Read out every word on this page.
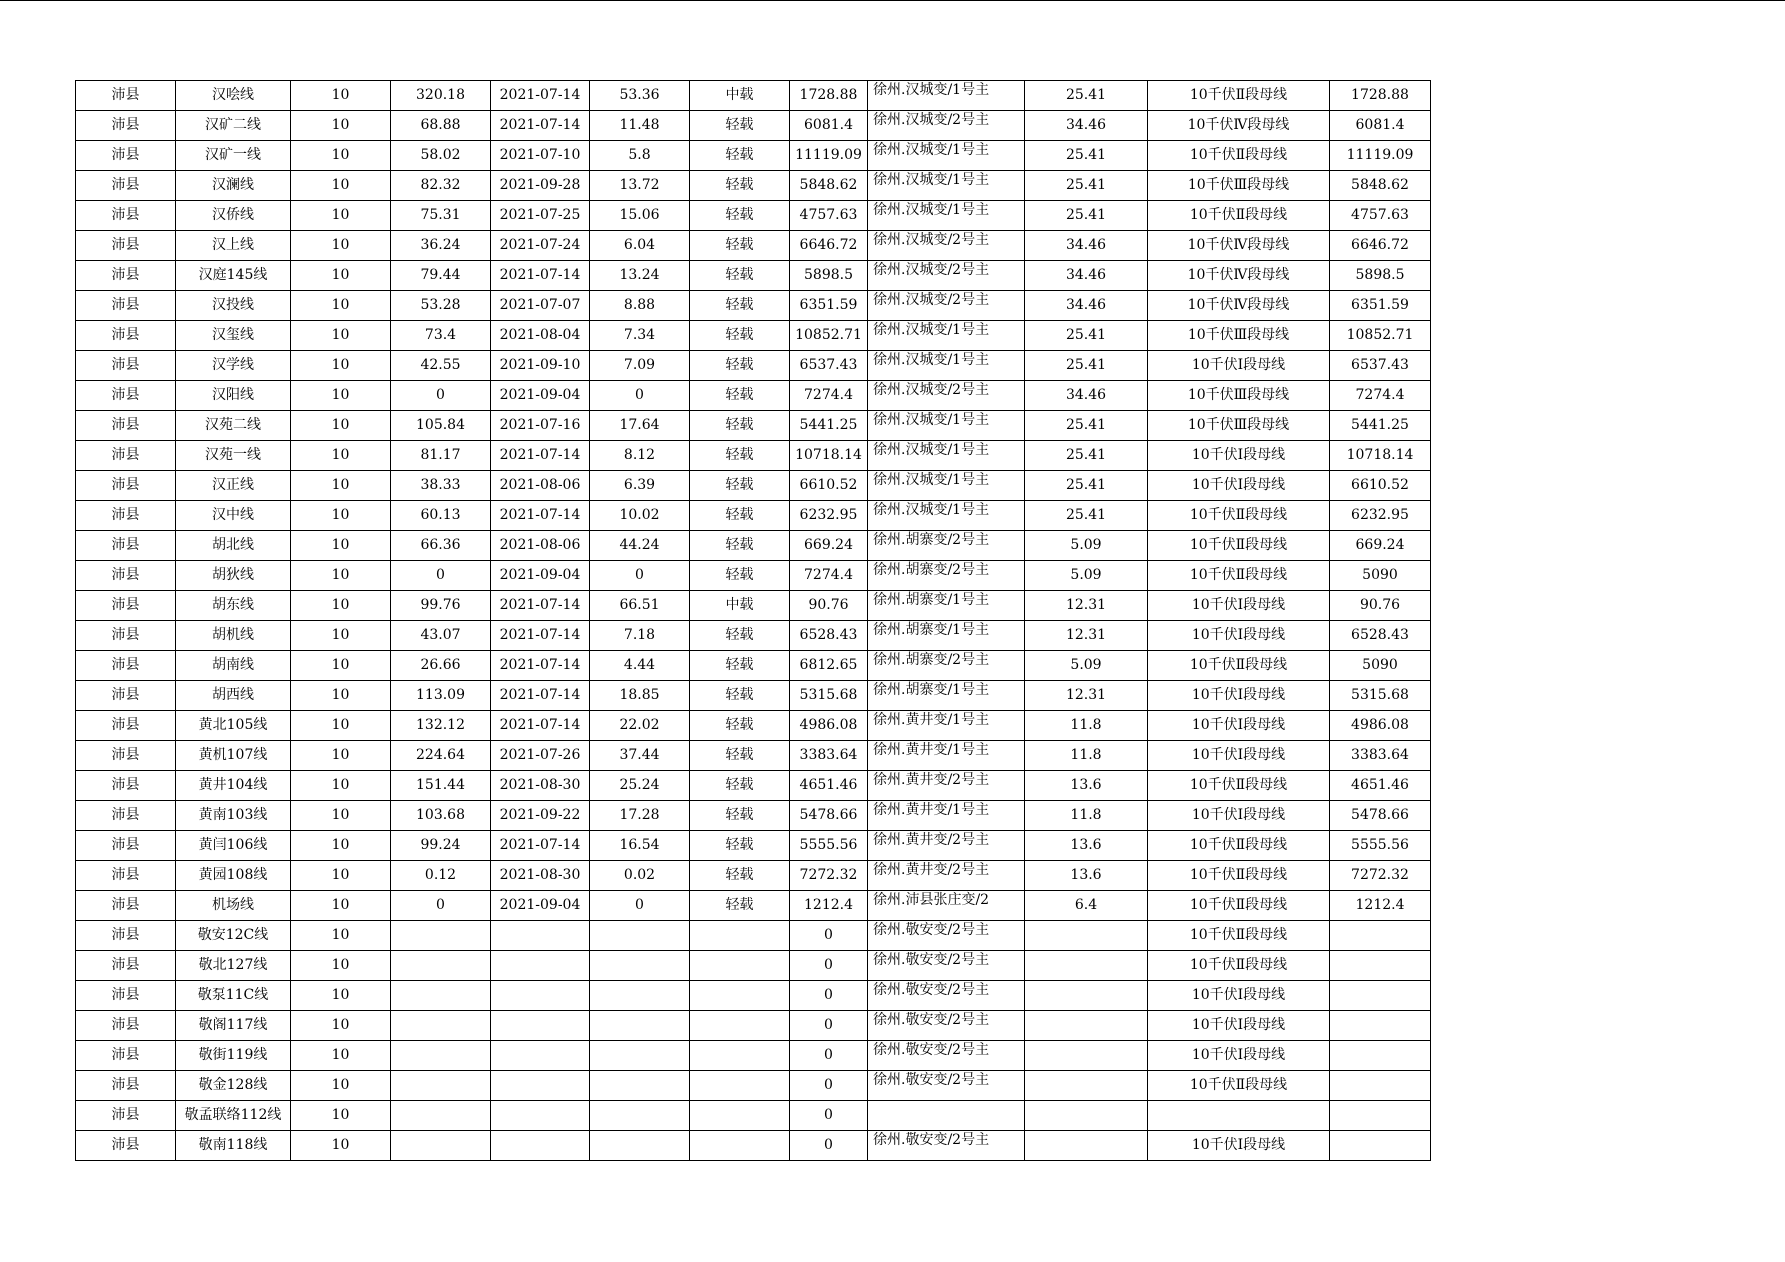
沛县	汉哙线	10	320.18	2021-07-14	53.36	中载	1728.88	徐州.汉城变/1号主	25.41	10千伏Ⅱ段母线	1728.88
沛县	汉矿二线	10	68.88	2021-07-14	11.48	轻载	6081.4	徐州.汉城变/2号主	34.46	10千伏Ⅳ段母线	6081.4
沛县	汉矿一线	10	58.02	2021-07-10	5.8	轻载	11119.09	徐州.汉城变/1号主	25.41	10千伏Ⅱ段母线	11119.09
沛县	汉澜线	10	82.32	2021-09-28	13.72	轻载	5848.62	徐州.汉城变/1号主	25.41	10千伏Ⅲ段母线	5848.62
沛县	汉侨线	10	75.31	2021-07-25	15.06	轻载	4757.63	徐州.汉城变/1号主	25.41	10千伏Ⅱ段母线	4757.63
沛县	汉上线	10	36.24	2021-07-24	6.04	轻载	6646.72	徐州.汉城变/2号主	34.46	10千伏Ⅳ段母线	6646.72
沛县	汉庭145线	10	79.44	2021-07-14	13.24	轻载	5898.5	徐州.汉城变/2号主	34.46	10千伏Ⅳ段母线	5898.5
沛县	汉投线	10	53.28	2021-07-07	8.88	轻载	6351.59	徐州.汉城变/2号主	34.46	10千伏Ⅳ段母线	6351.59
沛县	汉玺线	10	73.4	2021-08-04	7.34	轻载	10852.71	徐州.汉城变/1号主	25.41	10千伏Ⅲ段母线	10852.71
沛县	汉学线	10	42.55	2021-09-10	7.09	轻载	6537.43	徐州.汉城变/1号主	25.41	10千伏Ⅰ段母线	6537.43
沛县	汉阳线	10	0	2021-09-04	0	轻载	7274.4	徐州.汉城变/2号主	34.46	10千伏Ⅲ段母线	7274.4
沛县	汉苑二线	10	105.84	2021-07-16	17.64	轻载	5441.25	徐州.汉城变/1号主	25.41	10千伏Ⅲ段母线	5441.25
沛县	汉苑一线	10	81.17	2021-07-14	8.12	轻载	10718.14	徐州.汉城变/1号主	25.41	10千伏Ⅰ段母线	10718.14
沛县	汉正线	10	38.33	2021-08-06	6.39	轻载	6610.52	徐州.汉城变/1号主	25.41	10千伏Ⅰ段母线	6610.52
沛县	汉中线	10	60.13	2021-07-14	10.02	轻载	6232.95	徐州.汉城变/1号主	25.41	10千伏Ⅱ段母线	6232.95
沛县	胡北线	10	66.36	2021-08-06	44.24	轻载	669.24	徐州.胡寨变/2号主	5.09	10千伏Ⅱ段母线	669.24
沛县	胡狄线	10	0	2021-09-04	0	轻载	7274.4	徐州.胡寨变/2号主	5.09	10千伏Ⅱ段母线	5090
沛县	胡东线	10	99.76	2021-07-14	66.51	中载	90.76	徐州.胡寨变/1号主	12.31	10千伏Ⅰ段母线	90.76
沛县	胡机线	10	43.07	2021-07-14	7.18	轻载	6528.43	徐州.胡寨变/1号主	12.31	10千伏Ⅰ段母线	6528.43
沛县	胡南线	10	26.66	2021-07-14	4.44	轻载	6812.65	徐州.胡寨变/2号主	5.09	10千伏Ⅱ段母线	5090
沛县	胡西线	10	113.09	2021-07-14	18.85	轻载	5315.68	徐州.胡寨变/1号主	12.31	10千伏Ⅰ段母线	5315.68
沛县	黄北105线	10	132.12	2021-07-14	22.02	轻载	4986.08	徐州.黄井变/1号主	11.8	10千伏Ⅰ段母线	4986.08
沛县	黄机107线	10	224.64	2021-07-26	37.44	轻载	3383.64	徐州.黄井变/1号主	11.8	10千伏Ⅰ段母线	3383.64
沛县	黄井104线	10	151.44	2021-08-30	25.24	轻载	4651.46	徐州.黄井变/2号主	13.6	10千伏Ⅱ段母线	4651.46
沛县	黄南103线	10	103.68	2021-09-22	17.28	轻载	5478.66	徐州.黄井变/1号主	11.8	10千伏Ⅰ段母线	5478.66
沛县	黄闫106线	10	99.24	2021-07-14	16.54	轻载	5555.56	徐州.黄井变/2号主	13.6	10千伏Ⅱ段母线	5555.56
沛县	黄园108线	10	0.12	2021-08-30	0.02	轻载	7272.32	徐州.黄井变/2号主	13.6	10千伏Ⅱ段母线	7272.32
沛县	机场线	10	0	2021-09-04	0	轻载	1212.4	徐州.沛县张庄变/2	6.4	10千伏Ⅱ段母线	1212.4
沛县	敬安12C线	10					0	徐州.敬安变/2号主		10千伏Ⅱ段母线	
沛县	敬北127线	10					0	徐州.敬安变/2号主		10千伏Ⅱ段母线	
沛县	敬泵11C线	10					0	徐州.敬安变/2号主		10千伏Ⅰ段母线	
沛县	敬阁117线	10					0	徐州.敬安变/2号主		10千伏Ⅰ段母线	
沛县	敬街119线	10					0	徐州.敬安变/2号主		10千伏Ⅰ段母线	
沛县	敬金128线	10					0	徐州.敬安变/2号主		10千伏Ⅱ段母线	
沛县	敬孟联络112线	10					0				
沛县	敬南118线	10					0	徐州.敬安变/2号主		10千伏Ⅰ段母线	
